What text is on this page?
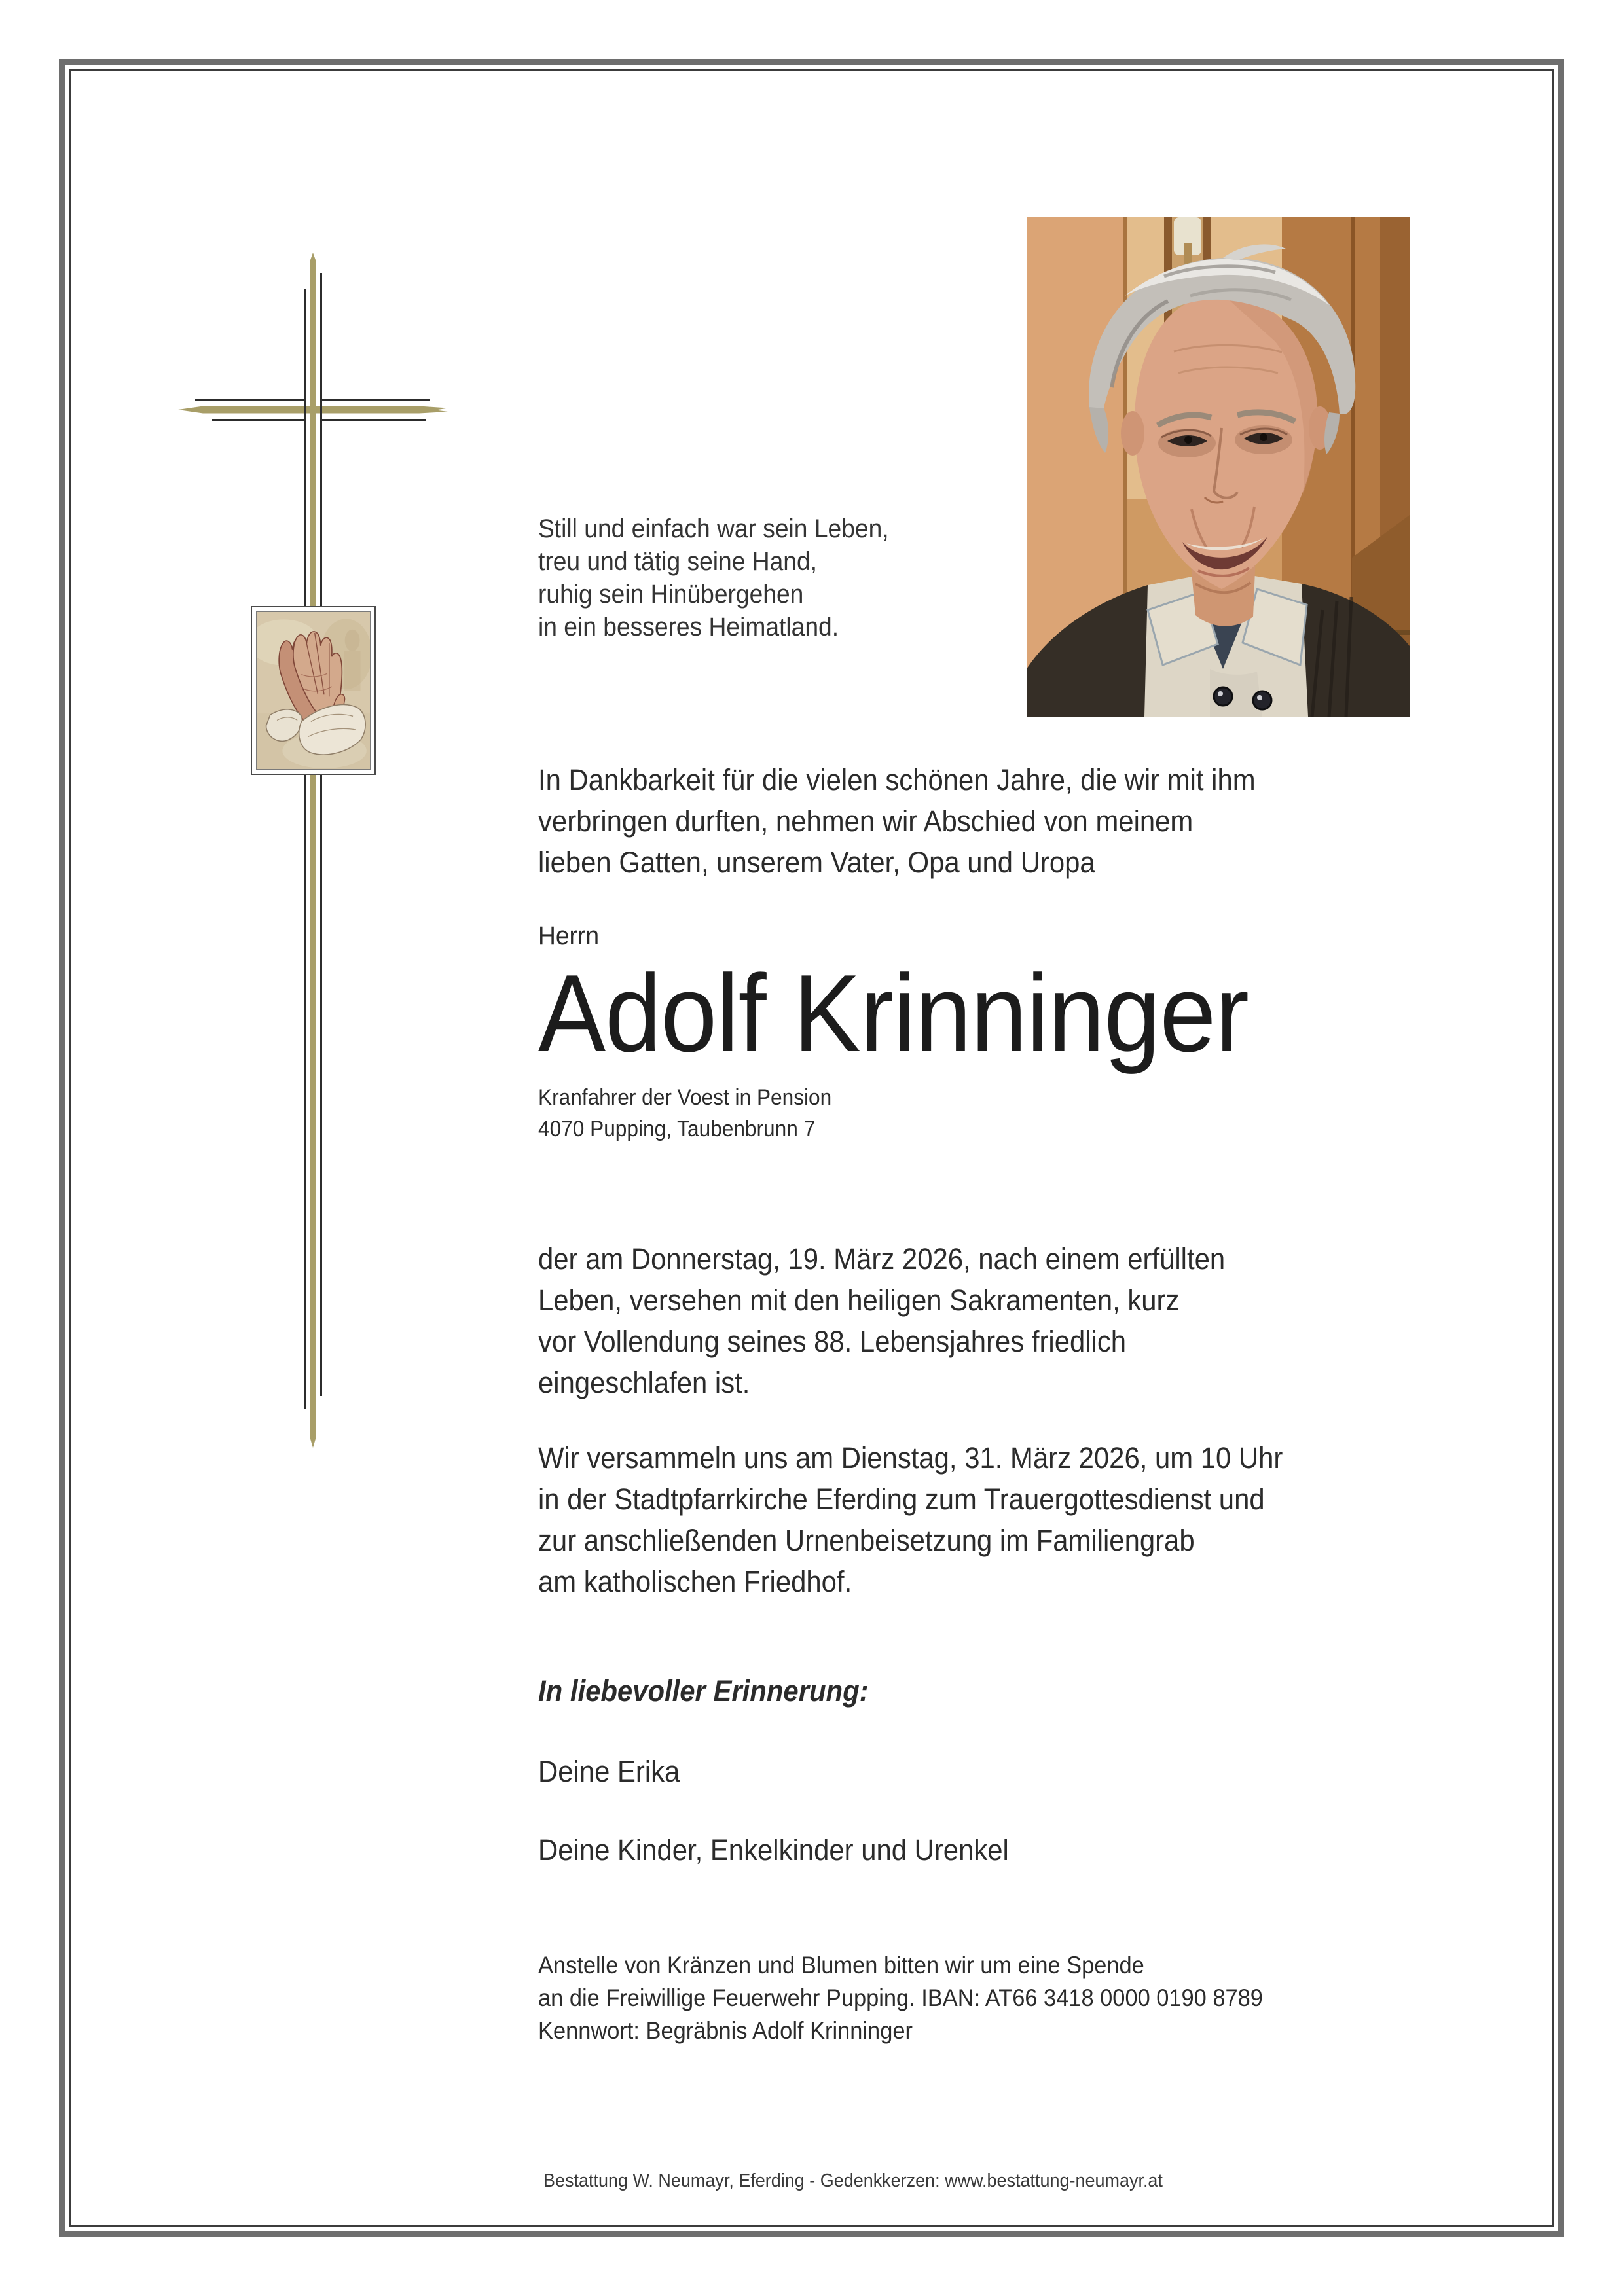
Still und einfach war sein Leben,
treu und tätig seine Hand,
ruhig sein Hinübergehen
in ein besseres Heimatland.
In Dankbarkeit für die vielen schönen Jahre, die wir mit ihm
verbringen durften, nehmen wir Abschied von meinem
lieben Gatten, unserem Vater, Opa und Uropa
Herrn
Adolf Krinninger
Kranfahrer der Voest in Pension
4070 Pupping, Taubenbrunn 7
der am Donnerstag, 19. März 2026, nach einem erfüllten
Leben, versehen mit den heiligen Sakramenten, kurz
vor Vollendung seines 88. Lebensjahres friedlich
eingeschlafen ist.
Wir versammeln uns am Dienstag, 31. März 2026, um 10 Uhr
in der Stadtpfarrkirche Eferding zum Trauergottesdienst und
zur anschließenden Urnenbeisetzung im Familiengrab
am katholischen Friedhof.
In liebevoller Erinnerung:
Deine Erika
Deine Kinder, Enkelkinder und Urenkel
Anstelle von Kränzen und Blumen bitten wir um eine Spende
an die Freiwillige Feuerwehr Pupping. IBAN: AT66 3418 0000 0190 8789
Kennwort: Begräbnis Adolf Krinninger
Bestattung W. Neumayr, Eferding - Gedenkkerzen: www.bestattung-neumayr.at
